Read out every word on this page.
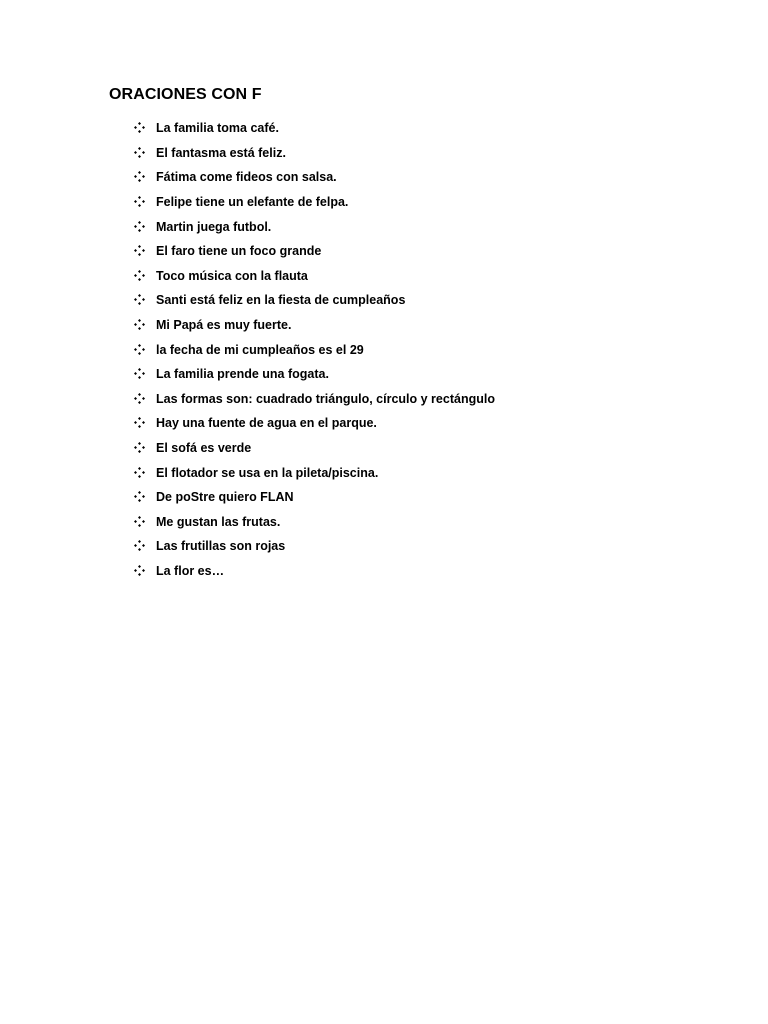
ORACIONES CON F
La familia toma café.
El fantasma está feliz.
Fátima come fideos con salsa.
Felipe tiene un elefante de felpa.
Martin juega futbol.
El faro tiene un foco grande
Toco música con la flauta
Santi está feliz en la fiesta de cumpleaños
Mi Papá es muy fuerte.
la fecha de mi cumpleaños es el 29
La familia prende una fogata.
Las formas son: cuadrado triángulo, círculo y rectángulo
Hay una fuente de agua en el parque.
El sofá es verde
El flotador se usa en la pileta/piscina.
De poStre quiero FLAN
Me gustan las frutas.
Las frutillas son rojas
La flor es…
